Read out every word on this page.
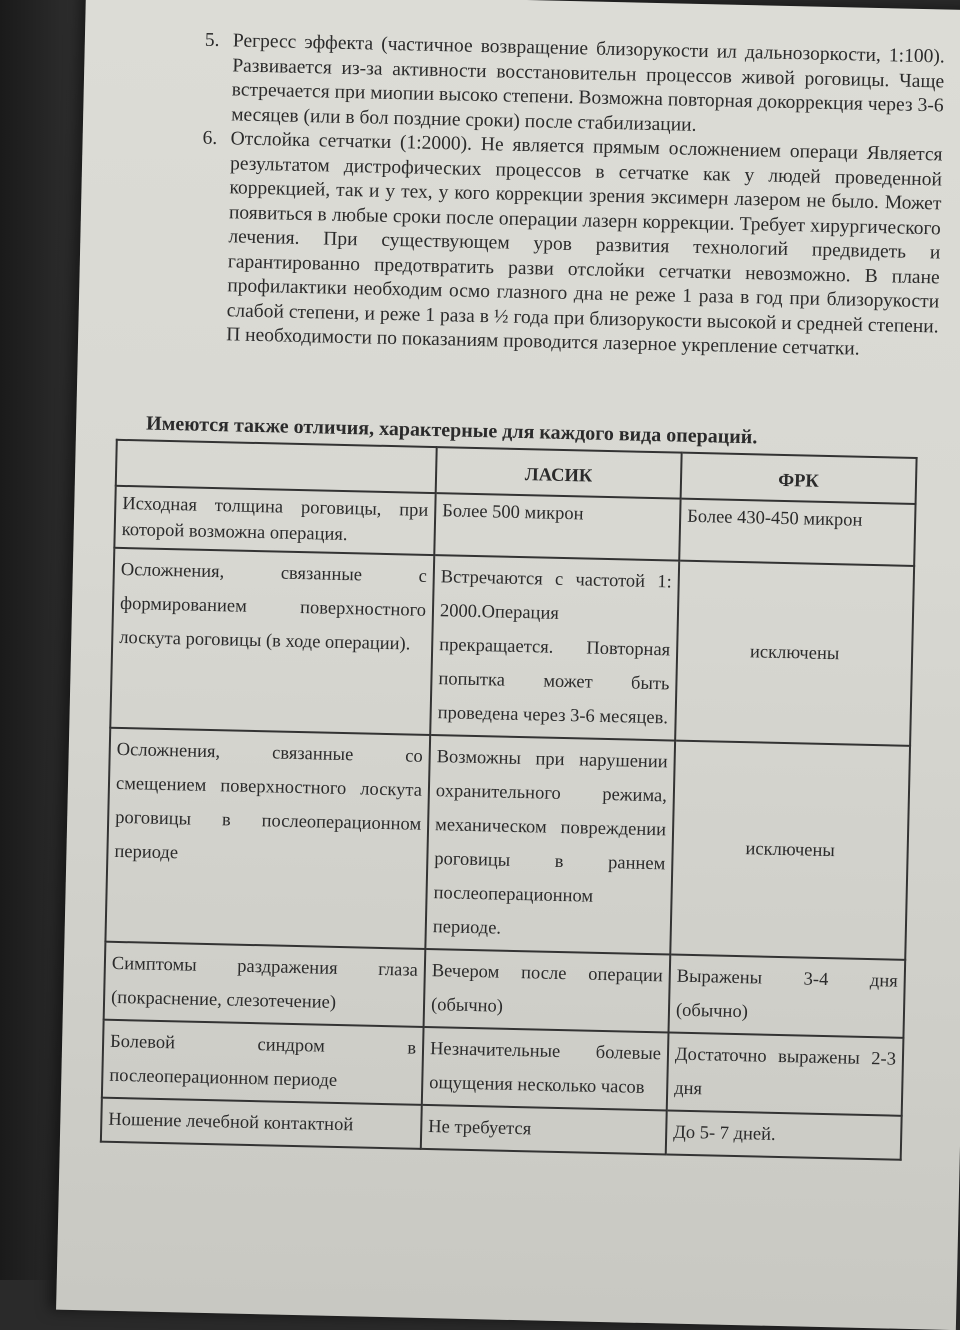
5. Регресс эффекта (частичное возвращение близорукости ил дальнозоркости, 1:100). Развивается из-за активности восстановительн процессов живой роговицы. Чаще встречается при миопии высоко степени. Возможна повторная докоррекция через 3-6 месяцев (или в бол поздние сроки) после стабилизации.
6. Отслойка сетчатки (1:2000). Не является прямым осложнением операци Является результатом дистрофических процессов в сетчатке как у людей проведенной коррекцией, так и у тех, у кого коррекции зрения эксимерн лазером не было. Может появиться в любые сроки после операции лазерн коррекции. Требует хирургического лечения. При существующем уров развития технологий предвидеть и гарантированно предотвратить разви отслойки сетчатки невозможно. В плане профилактики необходим осмо глазного дна не реже 1 раза в год при близорукости слабой степени, и реже 1 раза в ½ года при близорукости высокой и средней степени. П необходимости по показаниям проводится лазерное укрепление сетчатки.
Имеются также отличия, характерные для каждого вида операций.
	ЛАСИК	ФРК
Исходная толщина роговицы, при которой возможна операция.	Более 500 микрон	Более 430-450 микрон
Осложнения, связанные с формированием поверхностного лоскута роговицы (в ходе операции).	Встречаются с частотой 1: 2000.Операция прекращается. Повторная попытка может быть проведена через 3-6 месяцев.	исключены
Осложнения, связанные со смещением поверхностного лоскута роговицы в послеоперационном периоде	Возможны при нарушении охранительного режима, механическом повреждении роговицы в раннем послеоперационном периоде.	исключены
Симптомы раздражения глаза (покраснение, слезотечение)	Вечером после операции (обычно)	Выражены 3-4 дня (обычно)
Болевой синдром в послеоперационном периоде	Незначительные болевые ощущения несколько часов	Достаточно выражены 2-3 дня
Ношение лечебной контактной	Не требуется	До 5- 7 дней.
